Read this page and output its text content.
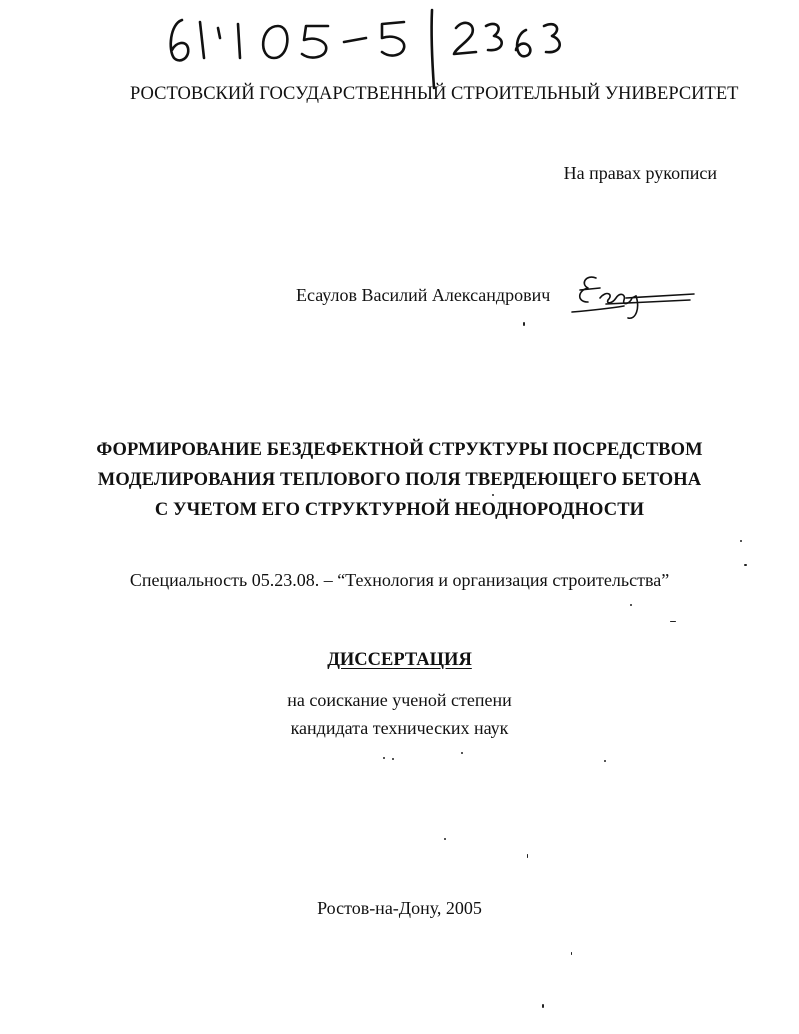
РОСТОВСКИЙ ГОСУДАРСТВЕННЫЙ СТРОИТЕЛЬНЫЙ УНИВЕРСИТЕТ
На правах рукописи
Есаулов Василий Александрович
ФОРМИРОВАНИЕ БЕЗДЕФЕКТНОЙ СТРУКТУРЫ ПОСРЕДСТВОМ
МОДЕЛИРОВАНИЯ ТЕПЛОВОГО ПОЛЯ ТВЕРДЕЮЩЕГО БЕТОНА
С УЧЕТОМ ЕГО СТРУКТУРНОЙ НЕОДНОРОДНОСТИ
Специальность 05.23.08. – “Технология и организация строительства”
ДИССЕРТАЦИЯ
на соискание ученой степени
кандидата технических наук
Ростов-на-Дону, 2005
